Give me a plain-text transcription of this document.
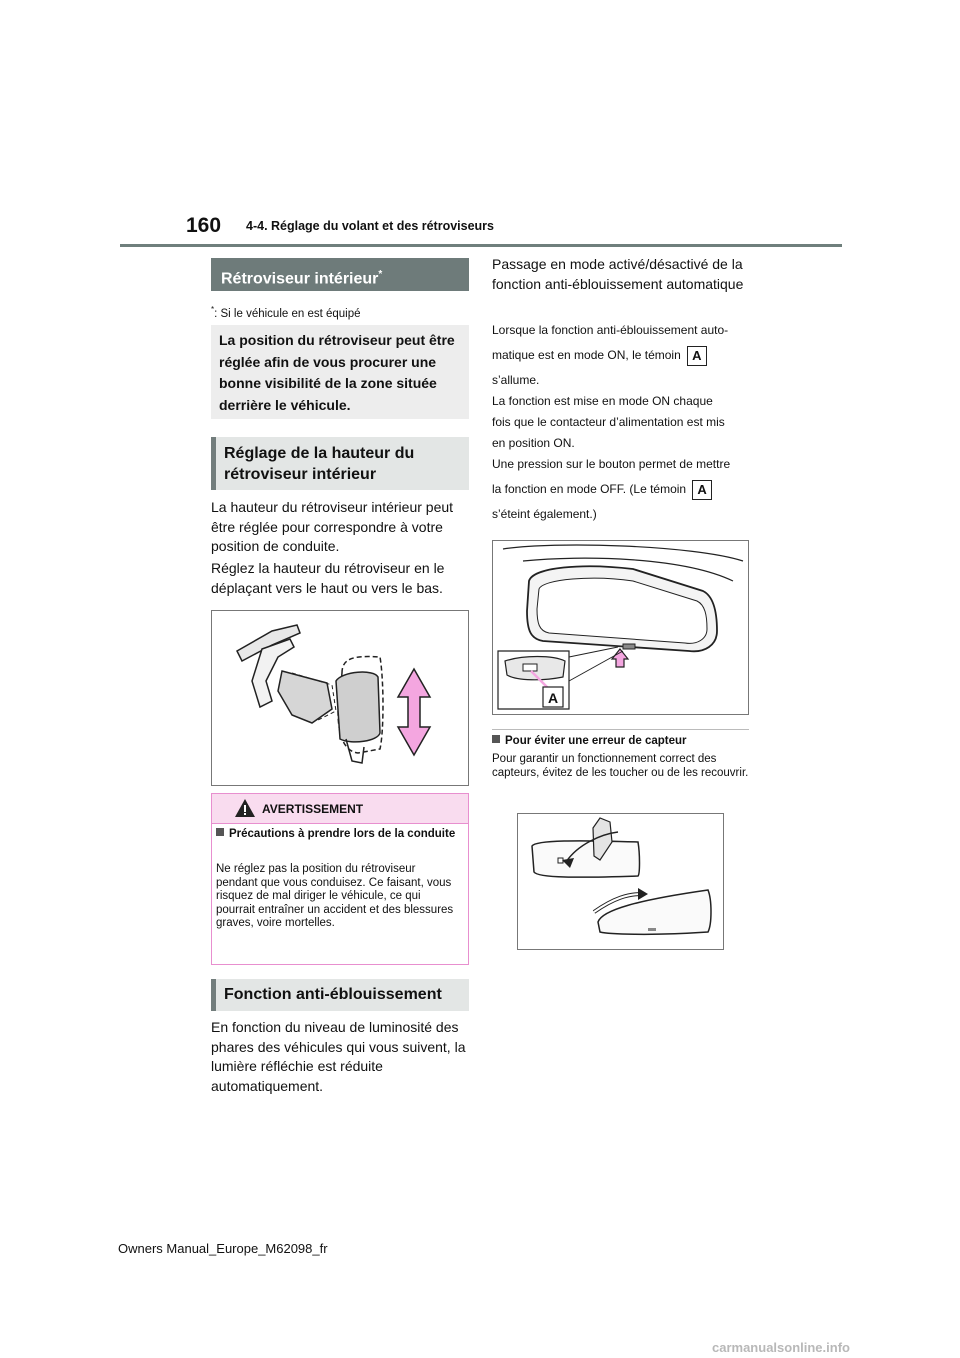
160 4-4. Réglage du volant et des rétroviseurs
Rétroviseur intérieur*
*: Si le véhicule en est équipé
La position du rétroviseur peut être réglée afin de vous procurer une bonne visibilité de la zone située derrière le véhicule.
Réglage de la hauteur du rétroviseur intérieur
La hauteur du rétroviseur intérieur peut être réglée pour correspondre à votre position de conduite.
Réglez la hauteur du rétroviseur en le déplaçant vers le haut ou vers le bas.
AVERTISSEMENT
Précautions à prendre lors de la conduite
Ne réglez pas la position du rétroviseur pendant que vous conduisez. Ce faisant, vous risquez de mal diriger le véhicule, ce qui pourrait entraîner un accident et des blessures graves, voire mortelles.
Fonction anti-éblouissement
En fonction du niveau de luminosité des phares des véhicules qui vous suivent, la lumière réfléchie est réduite automatiquement.
Passage en mode activé/désactivé de la fonction anti-éblouissement automatique
Lorsque la fonction anti-éblouissement auto-
matique est en mode ON, le témoin A
s’allume.
La fonction est mise en mode ON chaque
fois que le contacteur d’alimentation est mis
en position ON.
Une pression sur le bouton permet de mettre
la fonction en mode OFF. (Le témoin A
s’éteint également.)
A
Pour éviter une erreur de capteur
Pour garantir un fonctionnement correct des capteurs, évitez de les toucher ou de les recouvrir.
Owners Manual_Europe_M62098_fr
carmanualsonline.info
